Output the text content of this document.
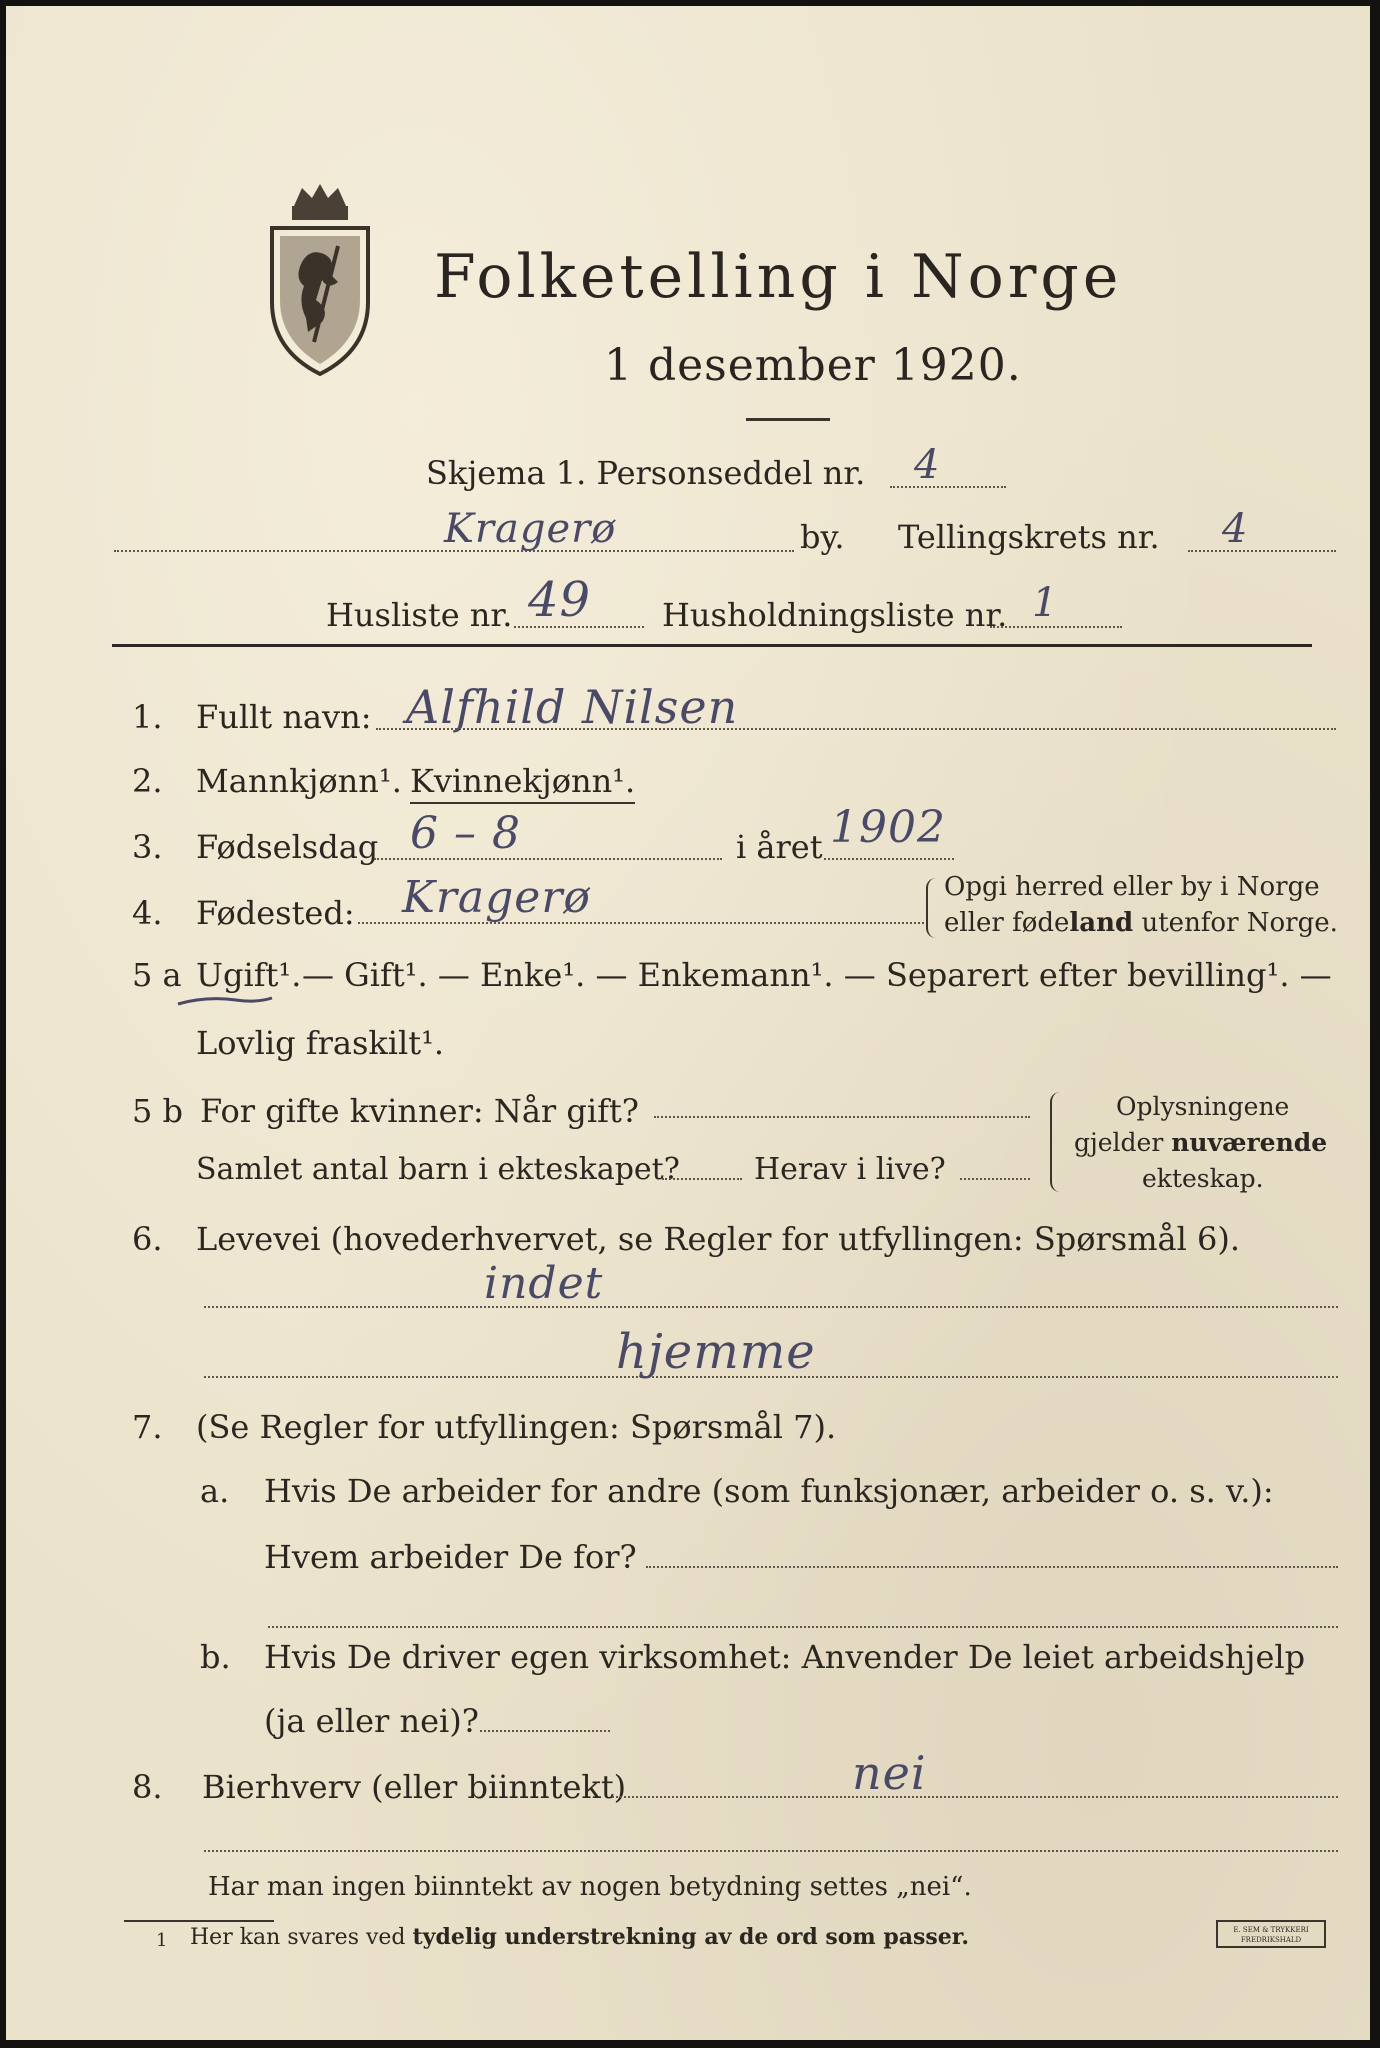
Folketelling i Norge
1 desember 1920.
Skjema 1. Personseddel nr. 4
Kragerø	by. Tellingskrets nr. 4
Husliste nr. 49 Husholdningsliste nr. 1
1. Fullt navn: Alfhild Nilsen
2. Mannkjønn¹. Kvinnekjønn¹.
3. Fødselsdag 6 – 8	i året 1902
4. Fødested: Kragerø	Opgi herred eller by i Norge
eller fødeland utenfor Norge.
5 a Ugift¹. — Gift¹. — Enke¹. — Enkemann¹. — Separert efter bevilling¹. —
Lovlig fraskilt¹.
5 b For gifte kvinner: Når gift?
Samlet antal barn i ekteskapet? Herav i live?
Oplysningene
gjelder nuværende
ekteskap.
6. Levevei (hovederhvervet, se Regler for utfyllingen: Spørsmål 6).
indet
hjemme
7. (Se Regler for utfyllingen: Spørsmål 7).
a. Hvis De arbeider for andre (som funksjonær, arbeider o. s. v.):
Hvem arbeider De for?
b. Hvis De driver egen virksomhet: Anvender De leiet arbeidshjelp
(ja eller nei)?
8. Bierhverv (eller biinntekt)	nei
Har man ingen biinntekt av nogen betydning settes „nei“.
1 Her kan svares ved tydelig understrekning av de ord som passer.	E. SEM & TRYKKERI
FREDRIKSHALD
